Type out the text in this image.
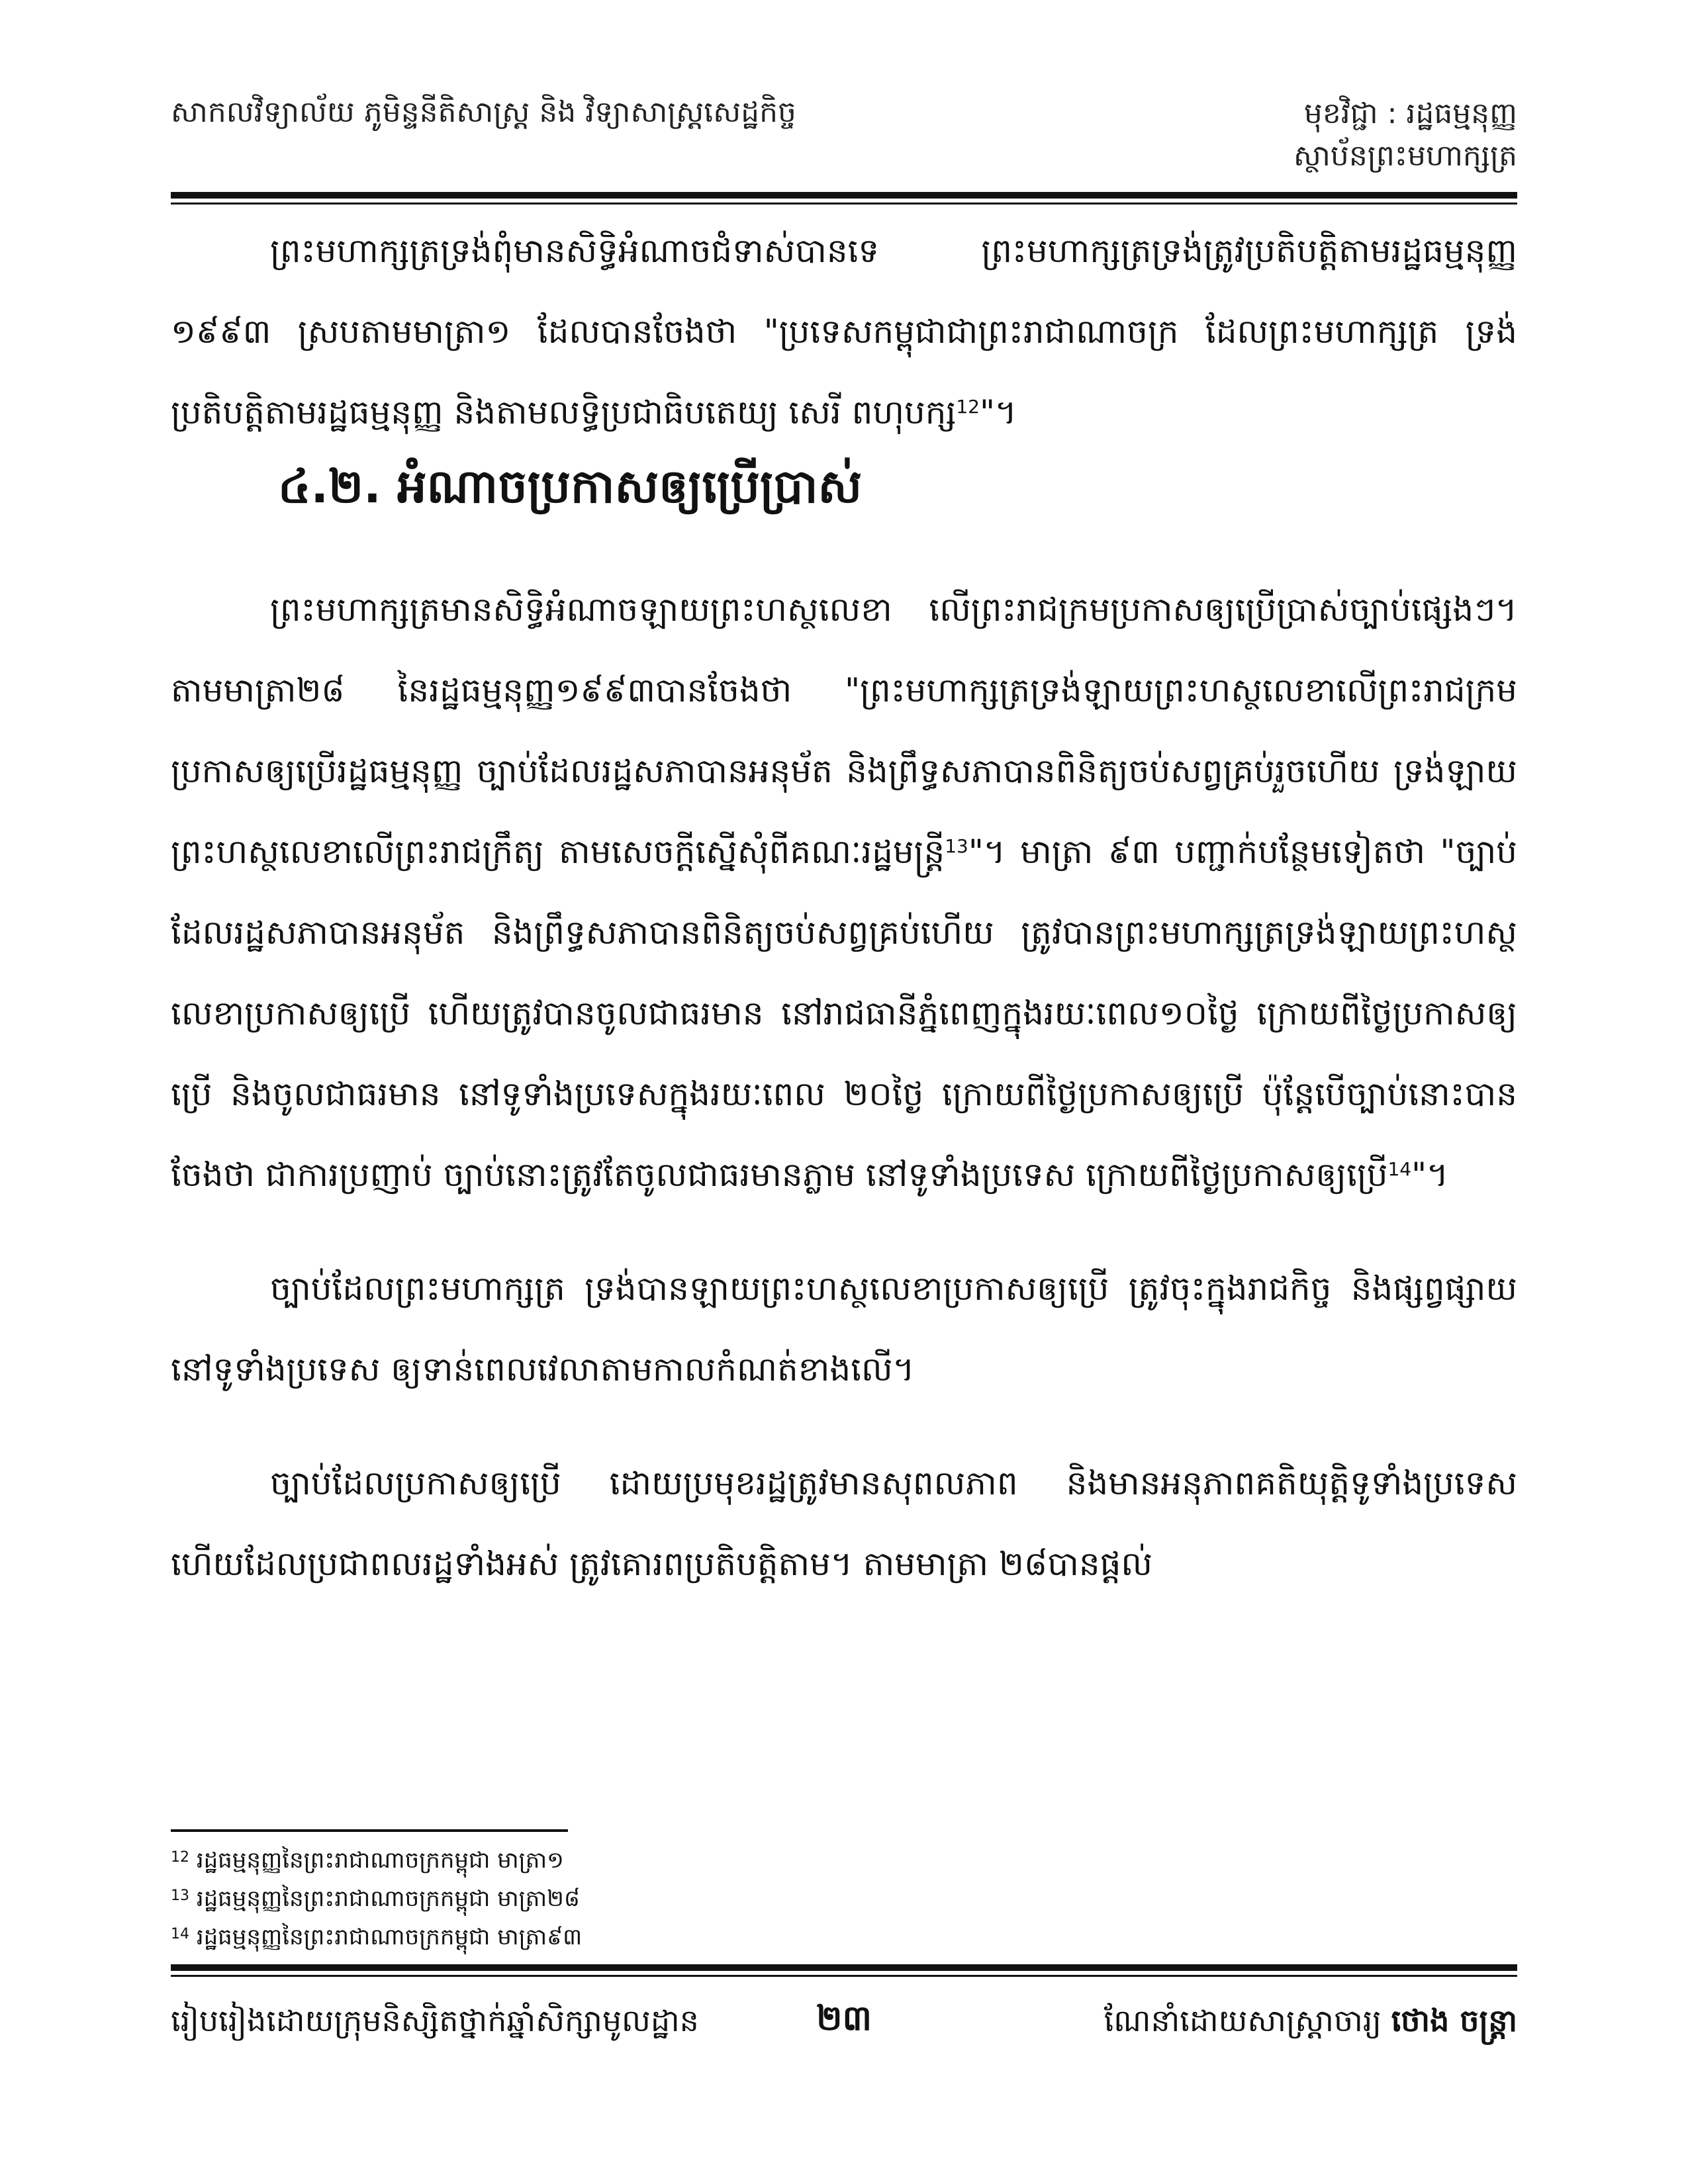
សាកលវិទ្យាល័យ ភូមិន្ទនីតិសាស្ត្រ និង វិទ្យាសាស្ត្រសេដ្ឋកិច្ច	មុខវិជ្ជា : រដ្ឋធម្មនុញ្ញ
ស្ថាប័នព្រះមហាក្សត្រ

ព្រះមហាក្សត្រទ្រង់ពុំមានសិទ្ធិអំណាចជំទាស់បានទេ ព្រះមហាក្សត្រទ្រង់ត្រូវប្រតិបត្តិតាមរដ្ឋធម្មនុញ្ញ ១៩៩៣ ស្របតាមមាត្រា១ ដែលបានចែងថា "ប្រទេសកម្ពុជាជាព្រះរាជាណាចក្រ ដែលព្រះមហាក្សត្រ ទ្រង់ប្រតិបត្តិតាមរដ្ឋធម្មនុញ្ញ និងតាមលទ្ធិប្រជាធិបតេយ្យ សេរី ពហុបក្ស$^{12}$"។

៤.២. អំណាចប្រកាសឲ្យប្រើប្រាស់

ព្រះមហាក្សត្រមានសិទ្ធិអំណាចឡាយព្រះហស្ថលេខា លើព្រះរាជក្រមប្រកាសឲ្យប្រើប្រាស់ច្បាប់ផ្សេងៗ។ តាមមាត្រា២៨ នៃរដ្ឋធម្មនុញ្ញ១៩៩៣បានចែងថា "ព្រះមហាក្សត្រទ្រង់ឡាយព្រះហស្ថលេខាលើព្រះរាជក្រមប្រកាសឲ្យប្រើរដ្ឋធម្មនុញ្ញ ច្បាប់ដែលរដ្ឋសភាបានអនុម័ត និងព្រឹទ្ធសភាបានពិនិត្យចប់សព្វគ្រប់រួចហើយ ទ្រង់ឡាយព្រះហស្ថលេខាលើព្រះរាជក្រឹត្យ តាមសេចក្ដីស្នើសុំពីគណៈរដ្ឋមន្ត្រី$^{13}$"។ មាត្រា ៩៣ បញ្ជាក់បន្ថែមទៀតថា "ច្បាប់ដែលរដ្ឋសភាបានអនុម័ត និងព្រឹទ្ធសភាបានពិនិត្យចប់សព្វគ្រប់ហើយ ត្រូវបានព្រះមហាក្សត្រទ្រង់ឡាយព្រះហស្ថលេខាប្រកាសឲ្យប្រើ ហើយត្រូវបានចូលជាធរមាន នៅរាជធានីភ្នំពេញក្នុងរយៈពេល១០ថ្ងៃ ក្រោយពីថ្ងៃប្រកាសឲ្យប្រើ និងចូលជាធរមាន នៅទូទាំងប្រទេសក្នុងរយៈពេល ២០ថ្ងៃ ក្រោយពីថ្ងៃប្រកាសឲ្យប្រើ ប៉ុន្តែបើច្បាប់នោះបានចែងថា ជាការប្រញាប់ ច្បាប់នោះត្រូវតែចូលជាធរមានភ្លាម នៅទូទាំងប្រទេស ក្រោយពីថ្ងៃប្រកាសឲ្យប្រើ$^{14}$"។

ច្បាប់ដែលព្រះមហាក្សត្រ ទ្រង់បានឡាយព្រះហស្ថលេខាប្រកាសឲ្យប្រើ ត្រូវចុះក្នុងរាជកិច្ច និងផ្សព្វផ្សាយ នៅទូទាំងប្រទេស ឲ្យទាន់ពេលវេលាតាមកាលកំណត់ខាងលើ។

ច្បាប់ដែលប្រកាសឲ្យប្រើ ដោយប្រមុខរដ្ឋត្រូវមានសុពលភាព និងមានអនុភាពគតិយុត្តិទូទាំងប្រទេស ហើយដែលប្រជាពលរដ្ឋទាំងអស់ ត្រូវគោរពប្រតិបត្តិតាម។ តាមមាត្រា ២៨បានផ្តល់

$^{12}$ រដ្ឋធម្មនុញ្ញនៃព្រះរាជាណាចក្រកម្ពុជា មាត្រា១
$^{13}$ រដ្ឋធម្មនុញ្ញនៃព្រះរាជាណាចក្រកម្ពុជា មាត្រា២៨
$^{14}$ រដ្ឋធម្មនុញ្ញនៃព្រះរាជាណាចក្រកម្ពុជា មាត្រា៩៣
រៀបរៀងដោយក្រុមនិស្សិតថ្នាក់ឆ្នាំសិក្សាមូលដ្ឋាន	២៣	ណែនាំដោយសាស្ត្រាចារ្យ ថោង ចន្ត្រា
